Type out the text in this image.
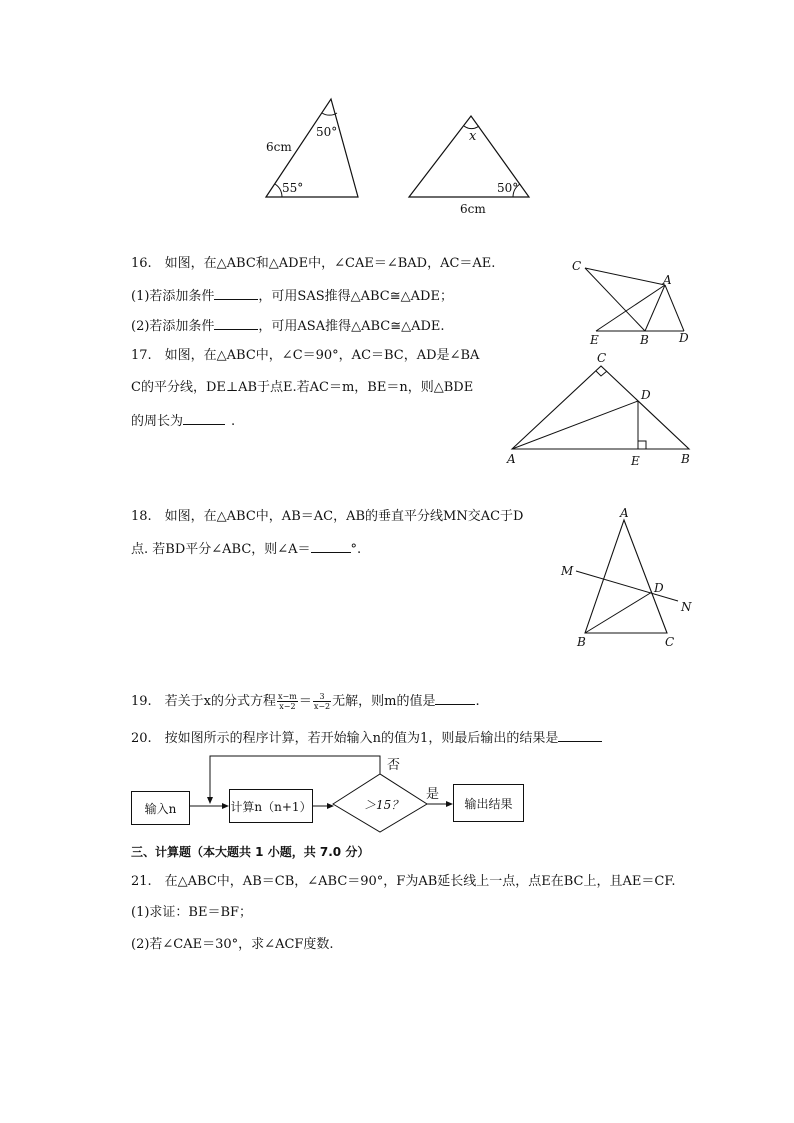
6cm
50°
55°
x
50°
6cm
16.　如图，在△ABC和△ADE中，∠CAE＝∠BAD，AC＝AE.
(1)若添加条件	，可用SAS推得△ABC≅△ADE；
(2)若添加条件	，可用ASA推得△ABC≅△ADE.
C
A
E	B	D
17.　如图，在△ABC中，∠C＝90°，AC＝BC，AD是∠BA
C的平分线，DE⊥AB于点E.若AC＝m，BE＝n，则△BDE
的周长为	.
C
D
A	E	B
18.　如图，在△ABC中，AB＝AC，AB的垂直平分线MN交AC于D
点. 若BD平分∠ABC，则∠A＝	°.
A
M
D
N
B	C
19.　若关于x的分式方程 $\frac{x-m}{x-2} = \frac{3}{x-2}$ 无解，则m的值是	.
20.　按如图所示的程序计算，若开始输入n的值为1，则最后输出的结果是
输入n	计算n（n+1）	＞15？
否
是
输出结果
三、计算题（本大题共 1 小题，共 7.0 分）
21.　在△ABC中，AB＝CB，∠ABC＝90°，F为AB延长线上一点，点E在BC上，且AE＝CF.
(1)求证：BE＝BF；
(2)若∠CAE＝30°，求∠ACF度数.
